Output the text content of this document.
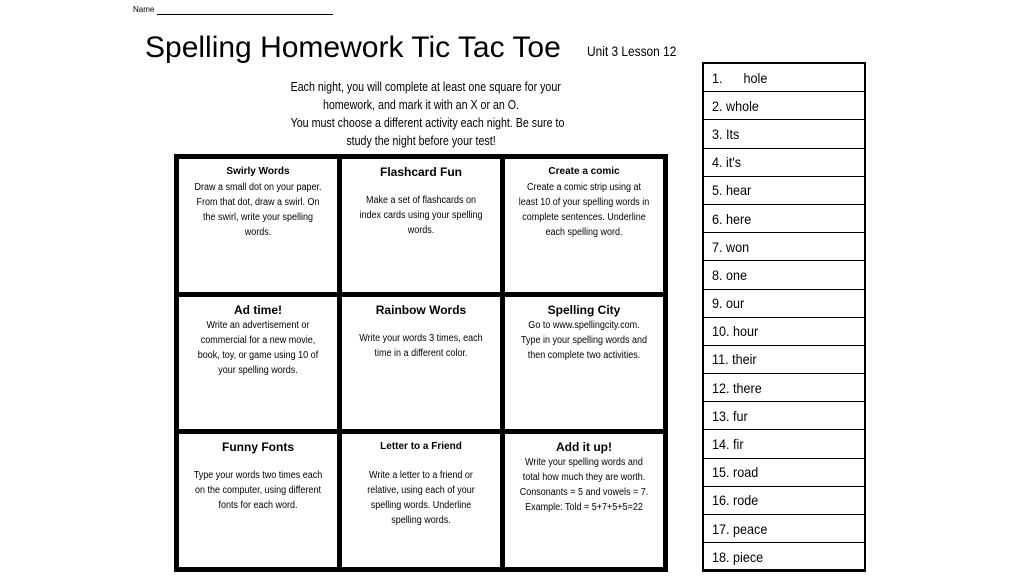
Name
Spelling Homework Tic Tac Toe Unit 3 Lesson 12
Each night, you will complete at least one square for your
homework, and mark it with an X or an O.
You must choose a different activity each night. Be sure to
study the night before your test!
Swirly Words
Draw a small dot on your paper. From that dot, draw a swirl. On the swirl, write your spelling words.
Flashcard Fun
Make a set of flashcards on index cards using your spelling words.
Create a comic
Create a comic strip using at least 10 of your spelling words in complete sentences. Underline each spelling word.
Ad time!
Write an advertisement or commercial for a new movie, book, toy, or game using 10 of your spelling words.
Rainbow Words
Write your words 3 times, each time in a different color.
Spelling City
Go to www.spellingcity.com. Type in your spelling words and then complete two activities.
Funny Fonts
Type your words two times each on the computer, using different fonts for each word.
Letter to a Friend
Write a letter to a friend or relative, using each of your spelling words. Underline spelling words.
Add it up!
Write your spelling words and total how much they are worth. Consonants = 5 and vowels = 7. Example: Told = 5+7+5+5=22
1.      hole
2. whole
3. Its
4. it's
5. hear
6. here
7. won
8. one
9. our
10. hour
11. their
12. there
13. fur
14. fir
15. road
16. rode
17. peace
18. piece
